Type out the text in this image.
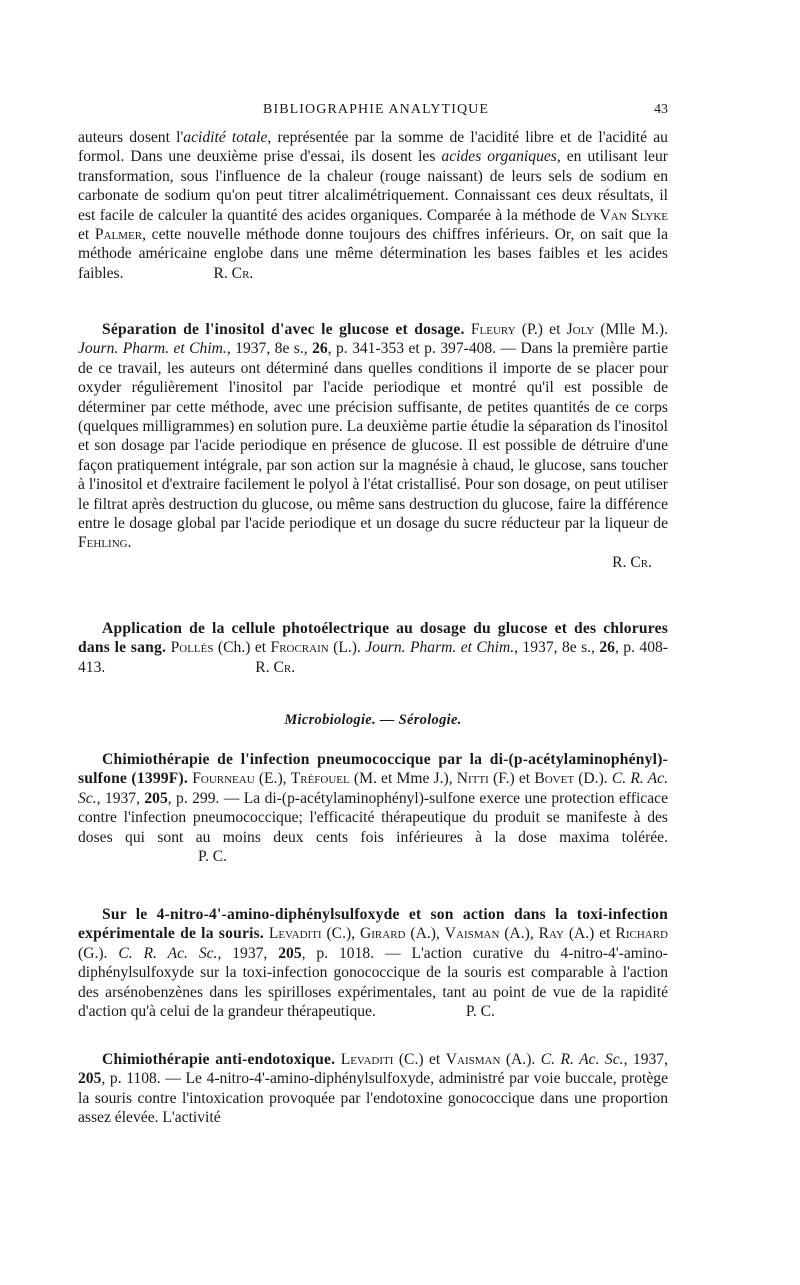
BIBLIOGRAPHIE ANALYTIQUE	43

auteurs dosent l'acidité totale, représentée par la somme de l'acidité libre et de l'acidité au formol. Dans une deuxième prise d'essai, ils dosent les acides organiques, en utilisant leur transformation, sous l'influence de la chaleur (rouge naissant) de leurs sels de sodium en carbonate de sodium qu'on peut titrer alcalimétriquement. Connaissant ces deux résultats, il est facile de calculer la quantité des acides organiques. Comparée à la méthode de Van Slyke et Palmer, cette nouvelle méthode donne toujours des chiffres inférieurs. Or, on sait que la méthode américaine englobe dans une même détermination les bases faibles et les acides faibles.	R. Cr.

Séparation de l'inositol d'avec le glucose et dosage. Fleury (P.) et Joly (Mlle M.). Journ. Pharm. et Chim., 1937, 8e s., 26, p. 341-353 et p. 397-408. — Dans la première partie de ce travail, les auteurs ont déterminé dans quelles conditions il importe de se placer pour oxyder régulièrement l'inositol par l'acide periodique et montré qu'il est possible de déterminer par cette méthode, avec une précision suffisante, de petites quantités de ce corps (quelques milligrammes) en solution pure. La deuxième partie étudie la séparation ds l'inositol et son dosage par l'acide periodique en présence de glucose. Il est possible de détruire d'une façon pratiquement intégrale, par son action sur la magnésie à chaud, le glucose, sans toucher à l'inositol et d'extraire facilement le polyol à l'état cristallisé. Pour son dosage, on peut utiliser le filtrat après destruction du glucose, ou même sans destruction du glucose, faire la différence entre le dosage global par l'acide periodique et un dosage du sucre réducteur par la liqueur de Fehling.

R. Cr.

Application de la cellule photoélectrique au dosage du glucose et des chlorures dans le sang. Pollès (Ch.) et Frocrain (L.). Journ. Pharm. et Chim., 1937, 8e s., 26, p. 408-413.	R. Cr.

Microbiologie. — Sérologie.

Chimiothérapie de l'infection pneumococcique par la di-(p-acétylaminophényl)-sulfone (1399F). Fourneau (E.), Tréfouel (M. et Mme J.), Nitti (F.) et Bovet (D.). C. R. Ac. Sc., 1937, 205, p. 299. — La di-(p-acétylaminophényl)-sulfone exerce une protection efficace contre l'infection pneumococcique; l'efficacité thérapeutique du produit se manifeste à des doses qui sont au moins deux cents fois inférieures à la dose maxima tolérée.P. C.

Sur le 4-nitro-4'-amino-diphénylsulfoxyde et son action dans la toxi-infection expérimentale de la souris. Levaditi (C.), Girard (A.), Vaisman (A.), Ray (A.) et Richard (G.). C. R. Ac. Sc., 1937, 205, p. 1018. — L'action curative du 4-nitro-4'-amino-diphénylsulfoxyde sur la toxi-infection gonococcique de la souris est comparable à l'action des arsénobenzènes dans les spirilloses expérimentales, tant au point de vue de la rapidité d'action qu'à celui de la grandeur thérapeutique.	P. C.

Chimiothérapie anti-endotoxique. Levaditi (C.) et Vaisman (A.). C. R. Ac. Sc., 1937, 205, p. 1108. — Le 4-nitro-4'-amino-diphénylsulfoxyde, administré par voie buccale, protège la souris contre l'intoxication provoquée par l'endotoxine gonococcique dans une proportion assez élevée. L'activité
